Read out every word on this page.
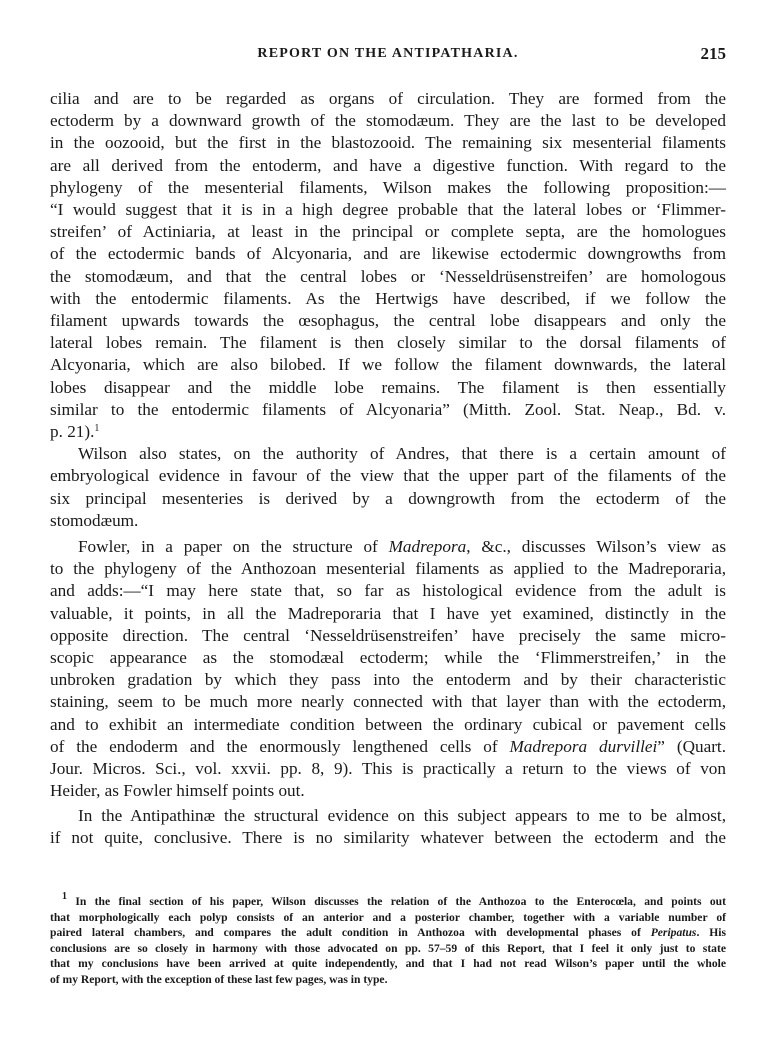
REPORT ON THE ANTIPATHARIA.	215

cilia and are to be regarded as organs of circulation. They are formed from the
ectoderm by a downward growth of the stomodæum. They are the last to be developed
in the oozooid, but the first in the blastozooid. The remaining six mesenterial filaments
are all derived from the entoderm, and have a digestive function. With regard to the
phylogeny of the mesenterial filaments, Wilson makes the following proposition:—
“I would suggest that it is in a high degree probable that the lateral lobes or ‘Flimmer-
streifen’ of Actiniaria, at least in the principal or complete septa, are the homologues
of the ectodermic bands of Alcyonaria, and are likewise ectodermic downgrowths from
the stomodæum, and that the central lobes or ‘Nesseldrüsenstreifen’ are homologous
with the entodermic filaments. As the Hertwigs have described, if we follow the
filament upwards towards the œsophagus, the central lobe disappears and only the
lateral lobes remain. The filament is then closely similar to the dorsal filaments of
Alcyonaria, which are also bilobed. If we follow the filament downwards, the lateral
lobes disappear and the middle lobe remains. The filament is then essentially
similar to the entodermic filaments of Alcyonaria” (Mitth. Zool. Stat. Neap., Bd. v.
p. 21).$^1$

Wilson also states, on the authority of Andres, that there is a certain amount of
embryological evidence in favour of the view that the upper part of the filaments of the
six principal mesenteries is derived by a downgrowth from the ectoderm of the
stomodæum.

Fowler, in a paper on the structure of Madrepora, &c., discusses Wilson’s view as
to the phylogeny of the Anthozoan mesenterial filaments as applied to the Madreporaria,
and adds:—“I may here state that, so far as histological evidence from the adult is
valuable, it points, in all the Madreporaria that I have yet examined, distinctly in the
opposite direction. The central ‘Nesseldrüsenstreifen’ have precisely the same micro-
scopic appearance as the stomodæal ectoderm; while the ‘Flimmerstreifen,’ in the
unbroken gradation by which they pass into the entoderm and by their characteristic
staining, seem to be much more nearly connected with that layer than with the ectoderm,
and to exhibit an intermediate condition between the ordinary cubical or pavement cells
of the endoderm and the enormously lengthened cells of Madrepora durvillei” (Quart.
Jour. Micros. Sci., vol. xxvii. pp. 8, 9). This is practically a return to the views of von
Heider, as Fowler himself points out.

In the Antipathinæ the structural evidence on this subject appears to me to be almost,
if not quite, conclusive. There is no similarity whatever between the ectoderm and the

$^1$ In the final section of his paper, Wilson discusses the relation of the Anthozoa to the Enterocœla, and points out
that morphologically each polyp consists of an anterior and a posterior chamber, together with a variable number of
paired lateral chambers, and compares the adult condition in Anthozoa with developmental phases of Peripatus. His
conclusions are so closely in harmony with those advocated on pp. 57–59 of this Report, that I feel it only just to state
that my conclusions have been arrived at quite independently, and that I had not read Wilson’s paper until the whole
of my Report, with the exception of these last few pages, was in type.
